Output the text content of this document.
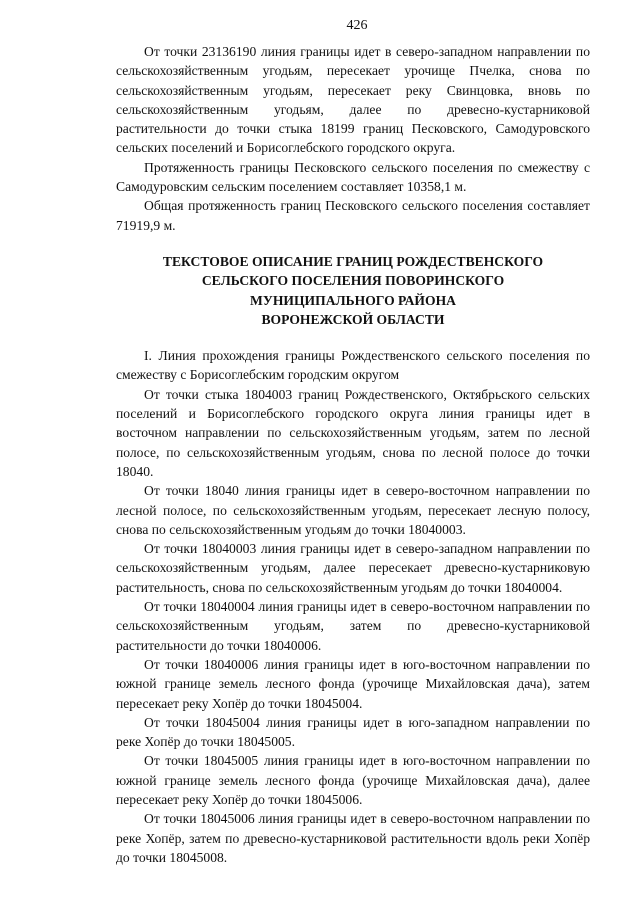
426

От точки 23136190 линия границы идет в северо-западном направлении по сельскохозяйственным угодьям, пересекает урочище Пчелка, снова по сельскохозяйственным угодьям, пересекает реку Свинцовка, вновь по сельскохозяйственным угодьям, далее по древесно-кустарниковой растительности до точки стыка 18199 границ Песковского, Самодуровского сельских поселений и Борисоглебского городского округа.

Протяженность границы Песковского сельского поселения по смежеству с Самодуровским сельским поселением составляет 10358,1 м.

Общая протяженность границ Песковского сельского поселения составляет 71919,9 м.

ТЕКСТОВОЕ ОПИСАНИЕ ГРАНИЦ РОЖДЕСТВЕНСКОГО
СЕЛЬСКОГО ПОСЕЛЕНИЯ ПОВОРИНСКОГО
МУНИЦИПАЛЬНОГО РАЙОНА
ВОРОНЕЖСКОЙ ОБЛАСТИ

I. Линия прохождения границы Рождественского сельского поселения по смежеству с Борисоглебским городским округом

От точки стыка 1804003 границ Рождественского, Октябрьского сельских поселений и Борисоглебского городского округа линия границы идет в восточном направлении по сельскохозяйственным угодьям, затем по лесной полосе, по сельскохозяйственным угодьям, снова по лесной полосе до точки 18040.

От точки 18040 линия границы идет в северо-восточном направлении по лесной полосе, по сельскохозяйственным угодьям, пересекает лесную полосу, снова по сельскохозяйственным угодьям до точки 18040003.

От точки 18040003 линия границы идет в северо-западном направлении по сельскохозяйственным угодьям, далее пересекает древесно-кустарниковую растительность, снова по сельскохозяйственным угодьям до точки 18040004.

От точки 18040004 линия границы идет в северо-восточном направлении по сельскохозяйственным угодьям, затем по древесно-кустарниковой растительности до точки 18040006.

От точки 18040006 линия границы идет в юго-восточном направлении по южной границе земель лесного фонда (урочище Михайловская дача), затем пересекает реку Хопёр до точки 18045004.

От точки 18045004 линия границы идет в юго-западном направлении по реке Хопёр до точки 18045005.

От точки 18045005 линия границы идет в юго-восточном направлении по южной границе земель лесного фонда (урочище Михайловская дача), далее пересекает реку Хопёр до точки 18045006.

От точки 18045006 линия границы идет в северо-восточном направлении по реке Хопёр, затем по древесно-кустарниковой растительности вдоль реки Хопёр до точки 18045008.
